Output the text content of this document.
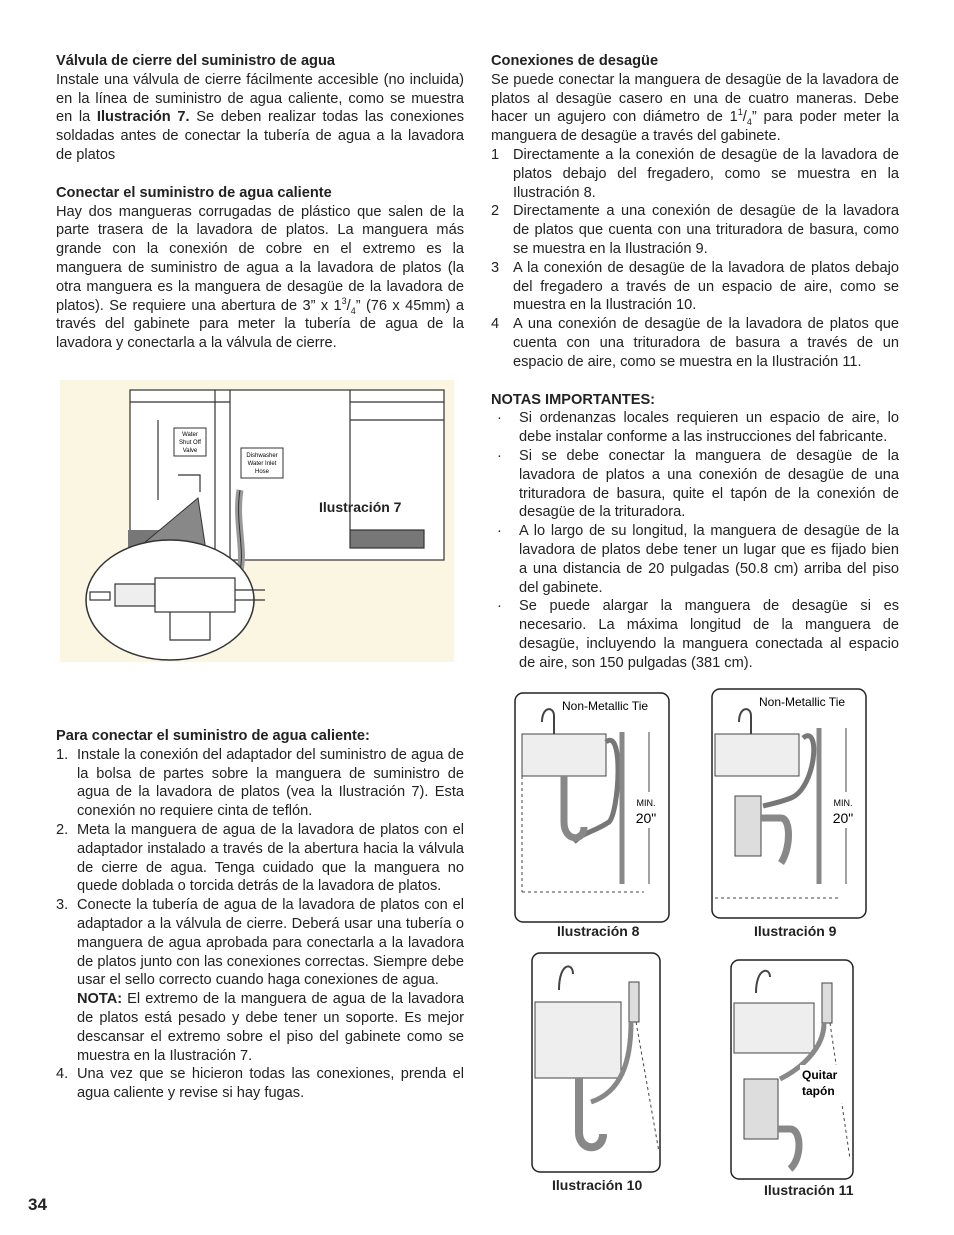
Válvula de cierre del suministro de agua

Instale una válvula de cierre fácilmente accesible (no incluida) en la línea de suministro de agua caliente, como se muestra en la Ilustración 7. Se deben realizar todas las conexiones soldadas antes de conectar la tubería de agua a la lavadora de platos

Conectar el suministro de agua caliente

Hay dos mangueras corrugadas de plástico que salen de la parte trasera de la lavadora de platos. La manguera más grande con la conexión de cobre en el extremo es la manguera de suministro de agua a la lavadora de platos (la otra manguera es la manguera de desagüe de la lavadora de platos). Se requiere una abertura de 3” x $1^3/_4$” (76 x 45mm) a través del gabinete para meter la tubería de agua de la lavadora y conectarla a la válvula de cierre.

Water
Shut Off
Valve
Dishwasher
Water Inlet
Hose
Ilustración 7
Para conectar el suministro de agua caliente:
1. Instale la conexión del adaptador del suministro de agua de la bolsa de partes sobre la manguera de suministro de agua de la lavadora de platos (vea la Ilustración 7). Esta conexión no requiere cinta de teflón.
2. Meta la manguera de agua de la lavadora de platos con el adaptador instalado a través de la abertura hacia la válvula de cierre de agua. Tenga cuidado que la manguera no quede doblada o torcida detrás de la lavadora de platos.
3. Conecte la tubería de agua de la lavadora de platos con el adaptador a la válvula de cierre. Deberá usar una tubería o manguera de agua aprobada para conectarla a la lavadora de platos junto con las conexiones correctas. Siempre debe usar el sello correcto cuando haga conexiones de agua.
NOTA: El extremo de la manguera de agua de la lavadora de platos está pesado y debe tener un soporte. Es mejor descansar el extremo sobre el piso del gabinete como se muestra en la Ilustración 7.
4. Una vez que se hicieron todas las conexiones, prenda el agua caliente y revise si hay fugas.
Conexiones de desagüe

Se puede conectar la manguera de desagüe de la lavadora de platos al desagüe casero en una de cuatro maneras. Debe hacer un agujero con diámetro de $1^1/_4$” para poder meter la manguera de desagüe a través del gabinete.

1 Directamente a la conexión de desagüe de la lavadora de platos debajo del fregadero, como se muestra en la Ilustración 8.
2 Directamente a una conexión de desagüe de la lavadora de platos que cuenta con una trituradora de basura, como se muestra en la Ilustración 9.
3 A la conexión de desagüe de la lavadora de platos debajo del fregadero a través de un espacio de aire, como se muestra en la Ilustración 10.
4 A una conexión de desagüe de la lavadora de platos que cuenta con una trituradora de basura a través de un espacio de aire, como se muestra en la Ilustración 11.
NOTAS IMPORTANTES:
· Si ordenanzas locales requieren un espacio de aire, lo debe instalar conforme a las instrucciones del fabricante.
· Si se debe conectar la manguera de desagüe de la lavadora de platos a una conexión de desagüe de una trituradora de basura, quite el tapón de la conexión de desagüe de la trituradora.
· A lo largo de su longitud, la manguera de desagüe de la lavadora de platos debe tener un lugar que es fijado bien a una distancia de 20 pulgadas (50.8 cm) arriba del piso del gabinete.
· Se puede alargar la manguera de desagüe si es necesario. La máxima longitud de la manguera de desagüe, incluyendo la manguera conectada al espacio de aire, son 150 pulgadas (381 cm).
Non-Metallic Tie
MIN.
20"
Ilustración 8
Non-Metallic Tie
MIN.
20"
Ilustración 9
Ilustración 10
Quitar
tapón
Ilustración 11
34
